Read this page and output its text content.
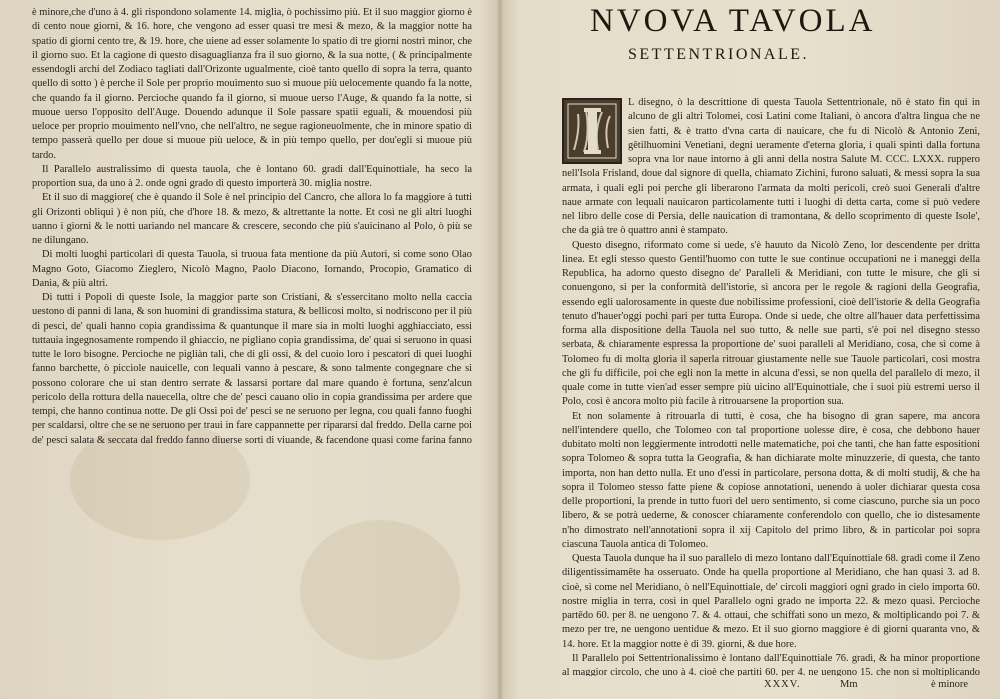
è minore,che d'uno à 4. gli rispondono solamente 14. miglia, ò pochissimo più. Et il suo maggior giorno è di cento noue giorni, & 16. hore, che vengono ad esser quasi tre mesi & mezo, & la maggior notte ha spatio di giorni cento tre, & 19. hore, che uiene ad esser solamente lo spatio di tre giorni nostri minor, che il giorno suo. Et la cagione di questo disaguaglianza fra il suo giorno, & la sua notte, ( & principalmente essendogli archi del Zodiaco tagliati dall'Orizonte ugualmente, cioè tanto quello di sopra la terra, quanto quello di sotto ) è perche il Sole per proprio mouimento suo si muoue più uelocemente quando fa la notte, che quando fa il giorno. Percioche quando fa il giorno, si muoue uerso l'Auge, & quando fa la notte, si muoue uerso l'opposito dell'Auge. Douendo adunque il Sole passare spatii eguali, & mouendosi più ueloce per proprio mouimento nell'vno, che nell'altro, ne segue ragioneuolmente, che in minore spatio di tempo passerà quello per doue si muoue più ueloce, & in più tempo quello, per dou'egli si muoue più tardo.

Il Parallelo australissimo di questa tauola, che è lontano 60. gradi dall'Equinottiale, ha seco la proportion sua, da uno à 2. onde ogni grado di questo importerà 30. miglia nostre.

Et il suo di maggiore( che è quando il Sole è nel principio del Cancro, che allora lo fa maggiore à tutti gli Orizonti obliqui ) è non più, che d'hore 18. & mezo, & altrettante la notte. Et così ne gli altri luoghi uanno i giorni & le notti uariando nel mancare & crescere, secondo che più s'auicinano al Polo, ò più se ne dilungano.

Di molti luoghi particolari di questa Tauola, si truoua fata mentione da più Autori, si come sono Olao Magno Goto, Giacomo Zieglero, Nicolò Magno, Paolo Diacono, Iornando, Procopio, Gramatico di Dania, & più altri.

Di tutti i Popoli di queste Isole, la maggior parte son Cristiani, & s'essercitano molto nella caccia uestono di panni di lana, & son huomini di grandissima statura, & bellicosi molto, si nodriscono per il più di pesci, de' quali hanno copia grandissima & quantunque il mare sia in molti luoghi agghiacciato, essi tuttauia ingegnosamente rompendo il ghiaccio, ne pigliano copia grandissima, de' quai si seruono in quasi tutte le loro bisogne. Percioche ne pigliàn tali, che di gli ossi, & del cuoio loro i pescatori di quei luoghi fanno barchette, ò picciole nauicelle, con lequali vanno à pescare, & sono talmente congegnare che si possono colorare che ui stan dentro serrate & lassarsi portare dal mare quando è fortuna, senz'alcun pericolo della rottura della nauecella, oltre che de' pesci cauano olio in copia grandissima per ardere que tempi, che hanno continua notte. De gli Ossi poi de' pesci se ne seruono per legna, cou quali fanno fuoghi per scaldarsi, oltre che se ne seruono per traui in fare cappannette per ripararsi dal freddo. Della carne poi de' pesci salata & seccata dal freddo fanno diuerse sorti di viuande, & facendone quasi come farina fanno

NVOVA TAVOLA
SETTENTRIONALE.

L disegno, ò la descrittione di questa Tauola Settentrionale, nō è stato fin qui in alcuno de gli altri Tolomei, così Latini come Italiani, ò ancora d'altra lingua che ne sien fatti, & è tratto d'vna carta di nauicare, che fu di Nicolò & Antonio Zeni, gētilhuomini Venetiani, degni ueramente d'eterna gloria, i quali spinti dalla fortuna sopra vna lor naue intorno à gli anni della nostra Salute M. CCC. LXXX. ruppero nell'Isola Frisland, doue dal signore di quella, chiamato Zichini, furono saluati, & messi sopra la sua armata, i quali egli poi perche gli liberarono l'armata da molti pericoli, creò suoi Generali d'altre naue armate con lequali nauicaron particolamente tutti i luoghi di detta carta, come si può vedere nel libro delle cose di Persia, delle nauication di tramontana, & dello scoprimento di queste Isole', che da già tre ò quattro anni è stampato.

Questo disegno, riformato come si uede, s'è hauuto da Nicolò Zeno, lor descendente per dritta linea. Et egli stesso questo Gentil'huomo con tutte le sue continue occupationi ne i maneggi della Republica, ha adorno questo disegno de' Paralleli & Meridiani, con tutte le misure, che gli si conuengono, si per la conformità dell'istorie, sì ancora per le regole & ragioni della Geografia, essendo egli ualorosamente in queste due nobilissime professioni, cioè dell'istorie & della Geografia tenuto d'hauer'oggi pochi pari per tutta Europa. Onde si uede, che oltre all'hauer data perfettissima forma alla dispositione della Tauola nel suo tutto, & nelle sue parti, s'è poi nel disegno stesso serbata, & chiaramente espressa la proportione de' suoi paralleli al Meridiano, cosa, che sì come à Tolomeo fu di molta gloria il saperla ritrouar giustamente nelle sue Tauole particolari, così mostra che gli fu difficile, poi che egli non la mette in alcuna d'essi, se non quella del parallelo di mezo, il quale come in tutte vien'ad esser sempre più uicino all'Equinottiale, che i suoi più estremi uerso il Polo, così è ancora molto più facile à ritrouarsene la proportion sua.

Et non solamente à ritrouarla di tutti, è cosa, che ha bisogno di gran sapere, ma ancora nell'intendere quello, che Tolomeo con tal proportione uolesse dire, è cosa, che debbono hauer dubitato molti non leggiermente introdotti nelle matematiche, poi che tanti, che han fatte espositioni sopra Tolomeo & sopra tutta la Geografia, & han dichiarate molte minuzzerie, di questa, che tanto importa, non han detto nulla. Et uno d'essi in particolare, persona dotta, & di molti studij, & che ha sopra il Tolomeo stesso fatte piene & copiose annotationi, uenendo à uoler dichiarar questa cosa delle proportioni, la prende in tutto fuori del uero sentimento, si come ciascuno, purche sia un poco libero, & se potrà uederne, & conoscer chiaramente conferendolo con quello, che io distesamente n'ho dimostrato nell'annotationi sopra il xij Capitolo del primo libro, & in particolar poi sopra ciascuna Tauola antica di Tolomeo.

Questa Tauola dunque ha il suo parallelo di mezo lontano dall'Equinottiale 68. gradi come il Zeno diligentissimamēte ha osseruato. Onde ha quella proportione al Meridiano, che han quasi 3. ad 8. cioè, sì come nel Meridiano, ò nell'Equinottiale, de' circoli maggiori ogni grado in cielo importa 60. nostre miglia in terra, così in quel Parallelo ogni grado ne importa 22. & mezo quasi. Percioche partēdo 60. per 8. ne uengono 7. & 4. ottaui, che schiffati sono un mezo, & moltiplicando poi 7. & mezo per tre, ne uengono uentidue & mezo. Et il suo giorno maggiore è di giorni quaranta vno, & 14. hore. Et la maggior notte è di 39. giorni, & due hore.

Il Parallelo poi Settentrionalissimo è lontano dall'Equinottiale 76. gradi, & ha minor proportione al maggior circolo, che uno à 4. cioè che partiti 60. per 4. ne uengono 15. che non si moltiplicando

XXXV.	Mm	è minore
